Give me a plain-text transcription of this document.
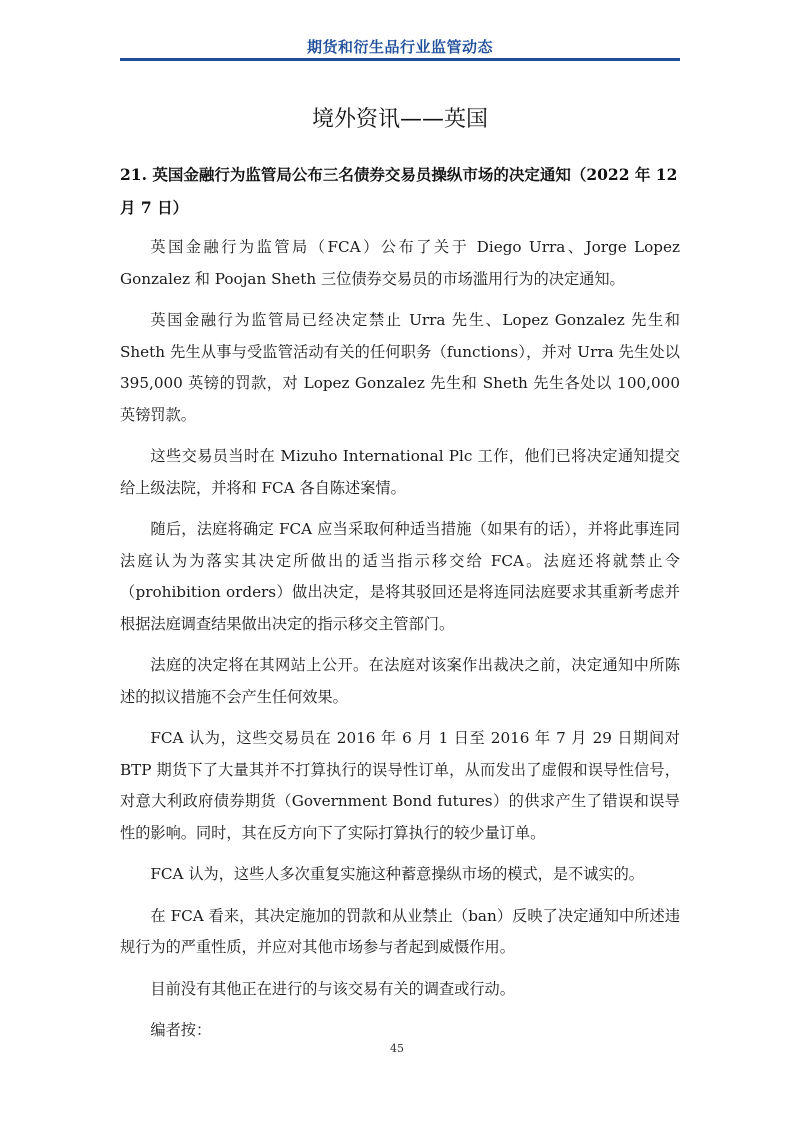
期货和衍生品行业监管动态
境外资讯——英国
21. 英国金融行为监管局公布三名债券交易员操纵市场的决定通知（2022 年 12 月 7 日）

英国金融行为监管局（FCA）公布了关于 Diego Urra、Jorge Lopez Gonzalez 和 Poojan Sheth 三位债券交易员的市场滥用行为的决定通知。

英国金融行为监管局已经决定禁止 Urra 先生、Lopez Gonzalez 先生和 Sheth 先生从事与受监管活动有关的任何职务（functions），并对 Urra 先生处以 395,000 英镑的罚款，对 Lopez Gonzalez 先生和 Sheth 先生各处以 100,000 英镑罚款。

这些交易员当时在 Mizuho International Plc 工作，他们已将决定通知提交给上级法院，并将和 FCA 各自陈述案情。

随后，法庭将确定 FCA 应当采取何种适当措施（如果有的话），并将此事连同法庭认为为落实其决定所做出的适当指示移交给 FCA。法庭还将就禁止令（prohibition orders）做出决定，是将其驳回还是将连同法庭要求其重新考虑并根据法庭调查结果做出决定的指示移交主管部门。

法庭的决定将在其网站上公开。在法庭对该案作出裁决之前，决定通知中所陈述的拟议措施不会产生任何效果。

FCA 认为，这些交易员在 2016 年 6 月 1 日至 2016 年 7 月 29 日期间对 BTP 期货下了大量其并不打算执行的误导性订单，从而发出了虚假和误导性信号，对意大利政府债券期货（Government Bond futures）的供求产生了错误和误导性的影响。同时，其在反方向下了实际打算执行的较少量订单。

FCA 认为，这些人多次重复实施这种蓄意操纵市场的模式，是不诚实的。

在 FCA 看来，其决定施加的罚款和从业禁止（ban）反映了决定通知中所述违规行为的严重性质，并应对其他市场参与者起到威慑作用。

目前没有其他正在进行的与该交易有关的调查或行动。

编者按：

45
